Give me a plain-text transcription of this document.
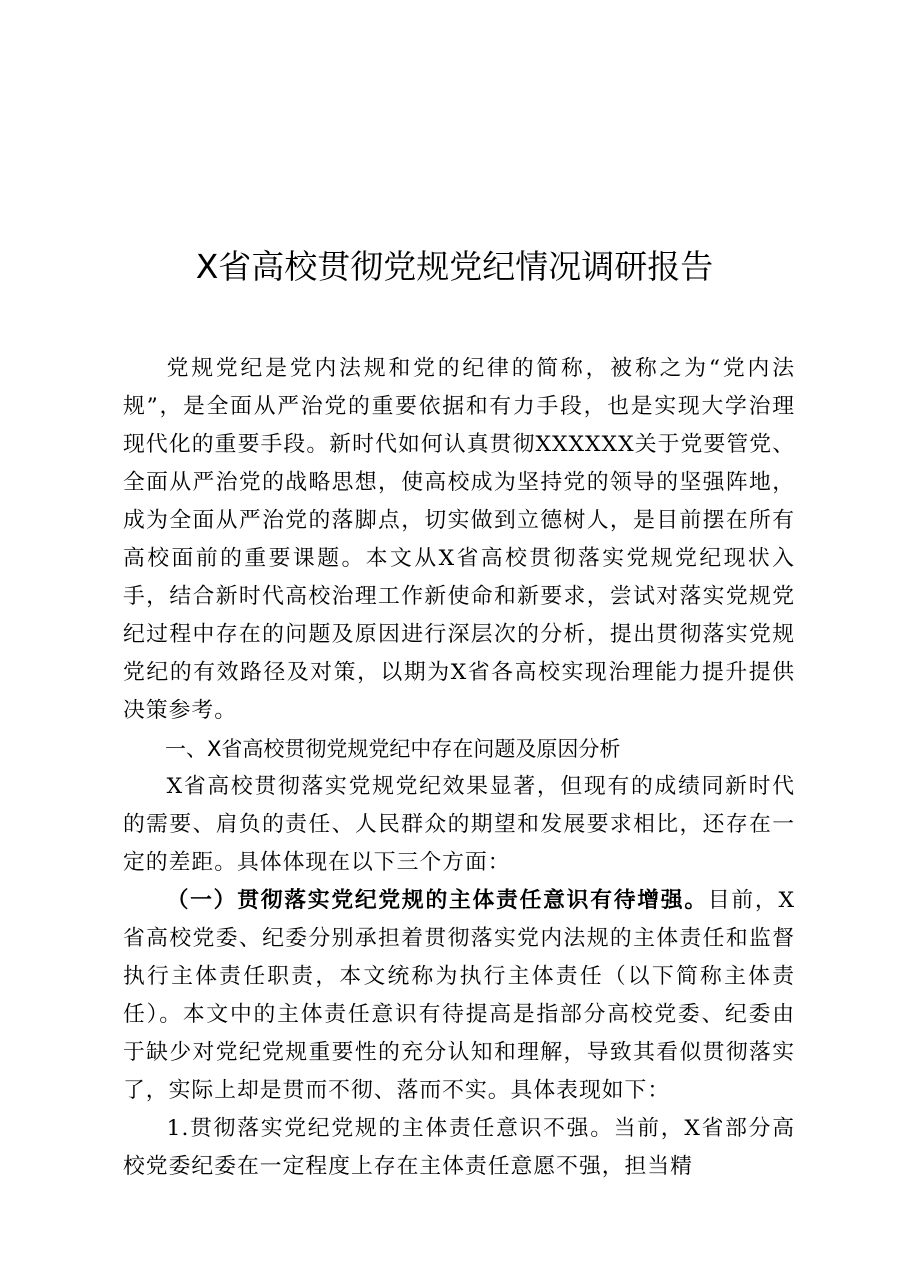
X省高校贯彻党规党纪情况调研报告

党规党纪是党内法规和党的纪律的简称，被称之为“党内法规”，是全面从严治党的重要依据和有力手段，也是实现大学治理现代化的重要手段。新时代如何认真贯彻XXXXXX关于党要管党、全面从严治党的战略思想，使高校成为坚持党的领导的坚强阵地，成为全面从严治党的落脚点，切实做到立德树人，是目前摆在所有高校面前的重要课题。本文从X省高校贯彻落实党规党纪现状入手，结合新时代高校治理工作新使命和新要求，尝试对落实党规党纪过程中存在的问题及原因进行深层次的分析，提出贯彻落实党规党纪的有效路径及对策，以期为X省各高校实现治理能力提升提供决策参考。

一、X省高校贯彻党规党纪中存在问题及原因分析

X省高校贯彻落实党规党纪效果显著，但现有的成绩同新时代的需要、肩负的责任、人民群众的期望和发展要求相比，还存在一定的差距。具体体现在以下三个方面：

（一）贯彻落实党纪党规的主体责任意识有待增强。目前，X省高校党委、纪委分别承担着贯彻落实党内法规的主体责任和监督执行主体责任职责，本文统称为执行主体责任（以下简称主体责任）。本文中的主体责任意识有待提高是指部分高校党委、纪委由于缺少对党纪党规重要性的充分认知和理解，导致其看似贯彻落实了，实际上却是贯而不彻、落而不实。具体表现如下：

1.贯彻落实党纪党规的主体责任意识不强。当前，X省部分高校党委纪委在一定程度上存在主体责任意愿不强，担当精
